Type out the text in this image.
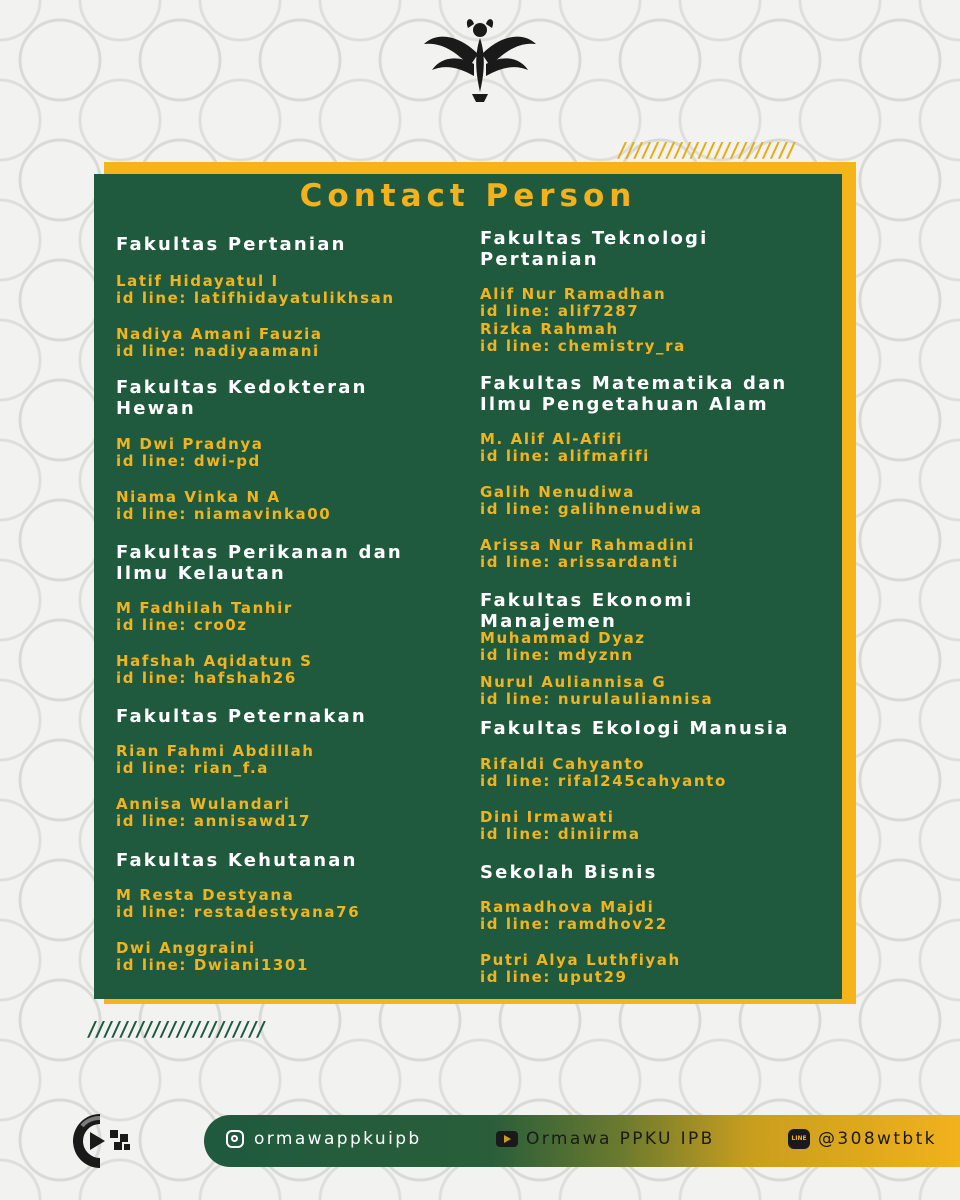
//////////////////////
Contact Person
Fakultas Pertanian
Latif Hidayatul I
id line: latifhidayatulikhsan
Nadiya Amani Fauzia
id line: nadiyaamani
Fakultas Kedokteran
Hewan
M Dwi Pradnya
id line: dwi-pd
Niama Vinka N A
id line: niamavinka00
Fakultas Perikanan dan
Ilmu Kelautan
M Fadhilah Tanhir
id line: cro0z
Hafshah Aqidatun S
id line: hafshah26
Fakultas Peternakan
Rian Fahmi Abdillah
id line: rian_f.a
Annisa Wulandari
id line: annisawd17
Fakultas Kehutanan
M Resta Destyana
id line: restadestyana76
Dwi Anggraini
id line: Dwiani1301
Fakultas Teknologi
Pertanian
Alif Nur Ramadhan
id line: alif7287
Rizka Rahmah
id line: chemistry_ra
Fakultas Matematika dan
Ilmu Pengetahuan Alam
M. Alif Al-Afifi
id line: alifmafifi
Galih Nenudiwa
id line: galihnenudiwa
Arissa Nur Rahmadini
id line: arissardanti
Fakultas Ekonomi
Manajemen
Muhammad Dyaz
id line: mdyznn
Nurul Auliannisa G
id line: nurulauliannisa
Fakultas Ekologi Manusia
Rifaldi Cahyanto
id line: rifal245cahyanto
Dini Irmawati
id line: diniirma
Sekolah Bisnis
Ramadhova Majdi
id line: ramdhov22
Putri Alya Luthfiyah
id line: uput29
//////////////////////
ormawappkuipb	Ormawa PPKU IPB	LINE @308wtbtk
